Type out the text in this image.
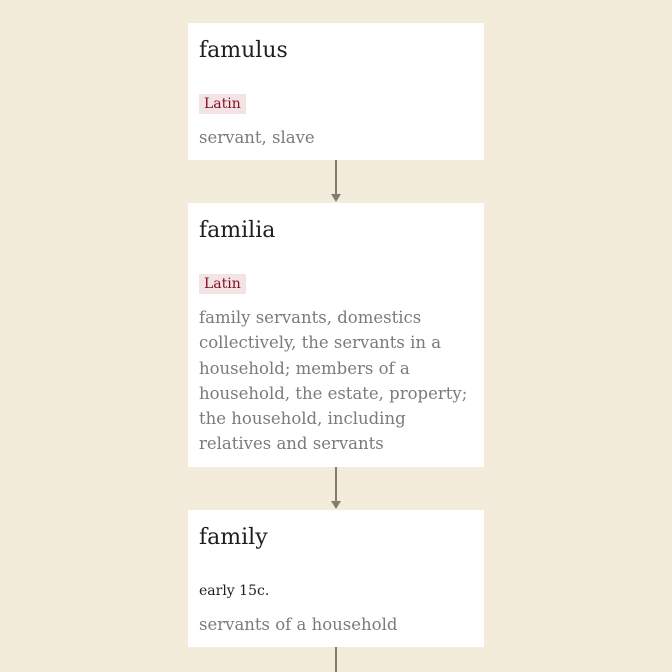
famulus
Latin
servant, slave
familia
Latin
family servants, domestics collectively, the servants in a household; members of a household, the estate, property; the household, including relatives and servants
family
early 15c.
servants of a household
